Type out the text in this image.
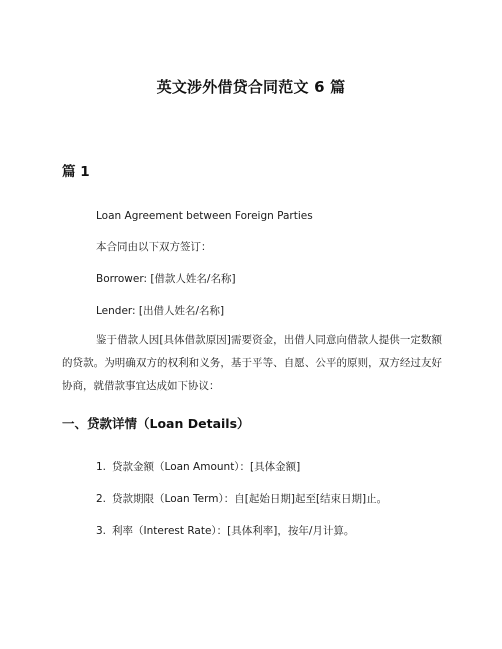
英文涉外借贷合同范文 6 篇
篇 1
Loan Agreement between Foreign Parties
本合同由以下双方签订：
Borrower: [借款人姓名/名称]
Lender: [出借人姓名/名称]
鉴于借款人因[具体借款原因]需要资金，出借人同意向借款人提供一定数额的贷款。为明确双方的权利和义务，基于平等、自愿、公平的原则，双方经过友好协商，就借款事宜达成如下协议：
一、贷款详情（Loan Details）
1. 贷款金额（Loan Amount）：[具体金额]
2. 贷款期限（Loan Term）：自[起始日期]起至[结束日期]止。
3. 利率（Interest Rate）：[具体利率]，按年/月计算。
